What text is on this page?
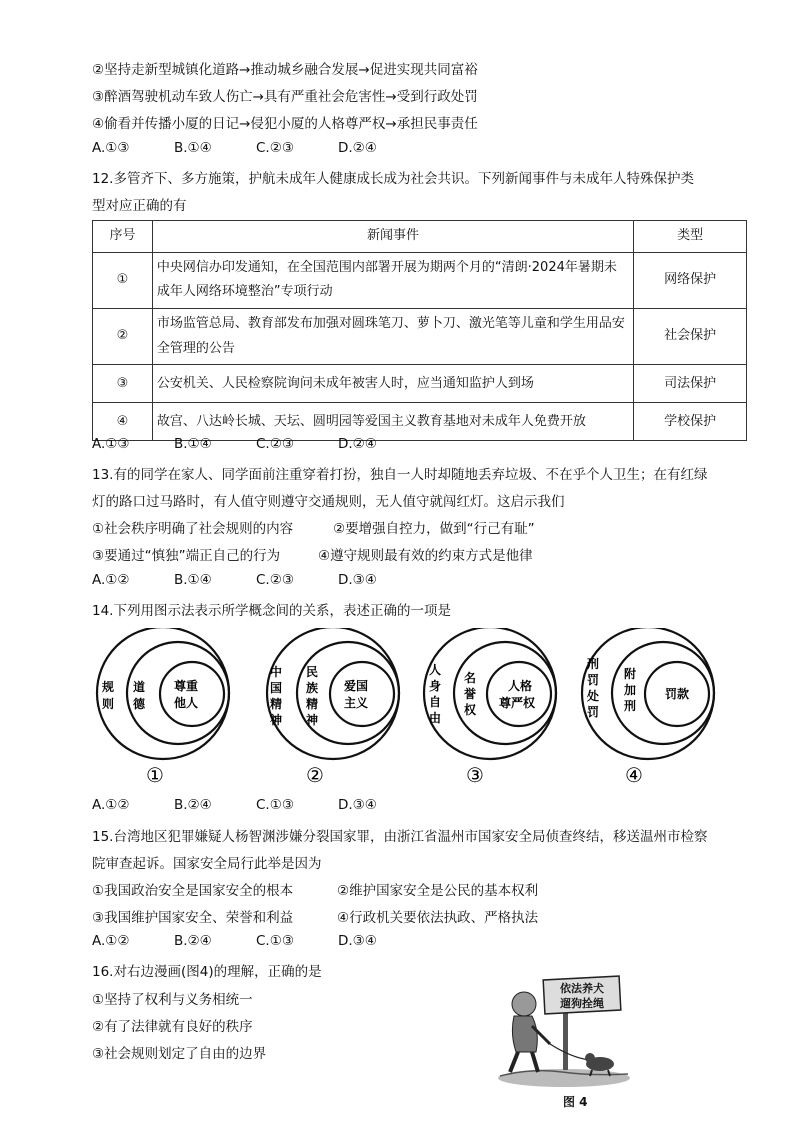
②坚持走新型城镇化道路→推动城乡融合发展→促进实现共同富裕
③醉酒驾驶机动车致人伤亡→具有严重社会危害性→受到行政处罚
④偷看并传播小厦的日记→侵犯小厦的人格尊严权→承担民事责任
A.①③	B.①④	C.②③	D.②④
12.多管齐下、多方施策，护航未成年人健康成长成为社会共识。下列新闻事件与未成年人特殊保护类
型对应正确的有
序号	新闻事件	类型
①	中央网信办印发通知，在全国范围内部署开展为期两个月的“清朗·2024年暑期未成年人网络环境整治”专项行动	网络保护
②	市场监管总局、教育部发布加强对圆珠笔刀、萝卜刀、激光笔等儿童和学生用品安全管理的公告	社会保护
③	公安机关、人民检察院询问未成年被害人时，应当通知监护人到场	司法保护
④	故宫、八达岭长城、天坛、圆明园等爱国主义教育基地对未成年人免费开放	学校保护
A.①③	B.①④	C.②③	D.②④
13.有的同学在家人、同学面前注重穿着打扮，独自一人时却随地丢弃垃圾、不在乎个人卫生；在有红绿
灯的路口过马路时，有人值守则遵守交通规则，无人值守就闯红灯。这启示我们
①社会秩序明确了社会规则的内容	②要增强自控力，做到“行己有耻”
③要通过“慎独”端正自己的行为	④遵守规则最有效的约束方式是他律
A.①②	B.①④	C.②③	D.③④
14.下列用图示法表示所学概念间的关系，表述正确的一项是
规
则
道
德
尊重
他人
①
中
国
精
神
民
族
精
神
爱国
主义
②
人
身
自
由
名
誉
权
人格
尊严权
③
刑
罚
处
罚
附
加
刑
罚款
④
A.①②	B.②④	C.①③	D.③④
15.台湾地区犯罪嫌疑人杨智渊涉嫌分裂国家罪，由浙江省温州市国家安全局侦查终结，移送温州市检察
院审查起诉。国家安全局行此举是因为
①我国政治安全是国家安全的根本	②维护国家安全是公民的基本权利
③我国维护国家安全、荣誉和利益	④行政机关要依法执政、严格执法
A.①②	B.②④	C.①③	D.③④
16.对右边漫画(图4)的理解，正确的是
①坚持了权利与义务相统一
②有了法律就有良好的秩序
③社会规则划定了自由的边界
依法养犬
遛狗拴绳
图 4
